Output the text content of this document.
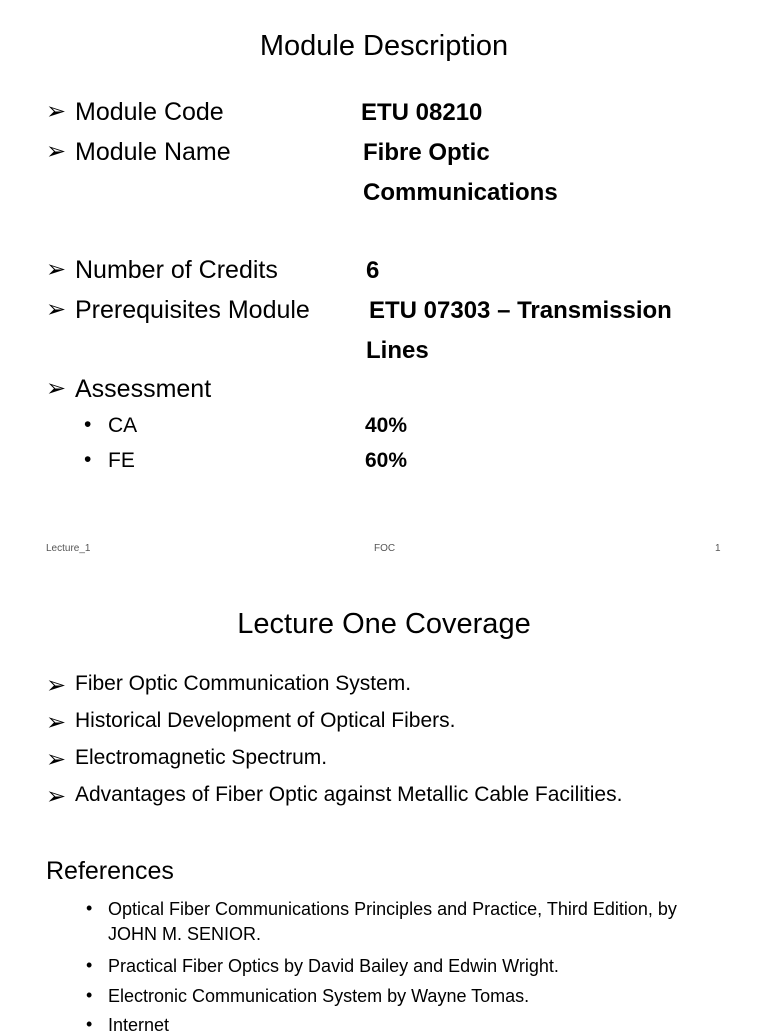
Module Description
➢ Module Code	ETU 08210
➢ Module Name	Fibre Optic
Communications
➢ Number of Credits	6
➢ Prerequisites Module ETU 07303 – Transmission
Lines
➢ Assessment
• CA	40%
• FE	60%
Lecture_1	FOC	1
Lecture One Coverage
➢ Fiber Optic Communication System.
➢ Historical Development of Optical Fibers.
➢ Electromagnetic Spectrum.
➢ Advantages of Fiber Optic against Metallic Cable Facilities.
References
• Optical Fiber Communications Principles and Practice, Third Edition, by
JOHN M. SENIOR.
• Practical Fiber Optics by David Bailey and Edwin Wright.
• Electronic Communication System by Wayne Tomas.
• Internet
